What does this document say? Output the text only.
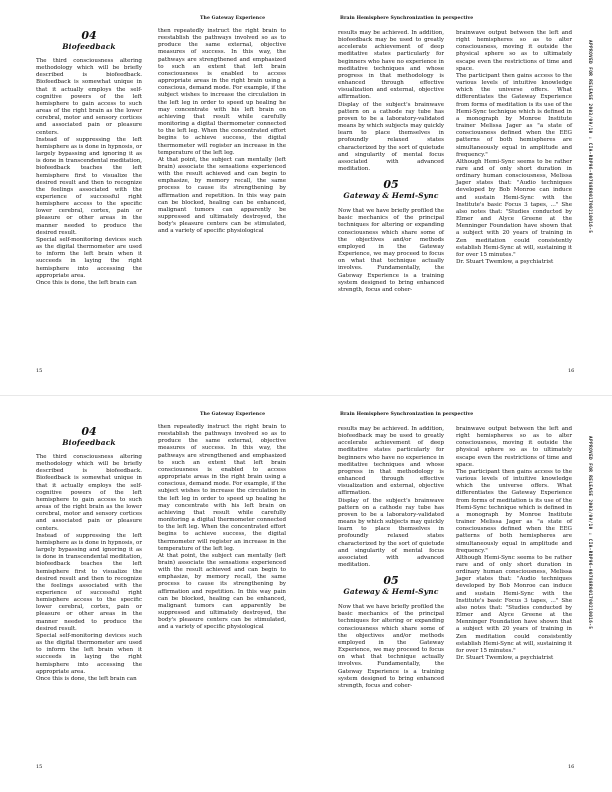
The Gateway Experience	Brain Hemisphere Synchronization in perspective
04
Biofeedback

The third consciousness altering methodology which will be briefly described is biofeedback. Biofeedback is somewhat unique in that it actually employs the self-cognitive powers of the left hemisphere to gain access to such areas of the right brain as the lower cerebral, motor and sensory cortices and associated pain or pleasure centers.

Instead of suppressing the left hemisphere as is done in hypnosis, or largely bypassing and ignoring it as is done in transcendental meditation, biofeedback teaches the left hemisphere first to visualize the desired result and then to recognize the feelings associated with the experience of successful right hemisphere access to the specific lower cerebral, cortex, pain or pleasure or other areas in the manner needed to produce the desired result.

Special self-monitoring devices such as the digital thermometer are used to inform the left brain when it succeeds in laying the right hemisphere into accessing the appropriate area.

Once this is done, the left brain can

then repeatedly instruct the right brain to reestablish the pathways involved so as to produce the same external, objective measures of success. In this way, the pathways are strengthened and emphasized to such an extent that left brain consciousness is enabled to access appropriate areas in the right brain using a conscious, demand mode. For example, if the subject wishes to increase the circulation in the left leg in order to speed up healing he may concentrate with his left brain on achieving that result while carefully monitoring a digital thermometer connected to the left leg. When the concentrated effort begins to achieve success, the digital thermometer will register an increase in the temperature of the left leg.

At that point, the subject can mentally (left brain) associate the sensations experienced with the result achieved and can begin to emphasize, by memory recall, the same process to cause its strengthening by affirmation and repetition. In this way pain can be blocked, healing can be enhanced, malignant tumors can apparently be suppressed and ultimately destroyed, the body's pleasure centers can be stimulated, and a variety of specific physiological

results may be achieved. In addition, biofeedback may be used to greatly accelerate achievement of deep meditative states particularly for beginners who have no experience in meditative techniques and whose progress in that methodology is enhanced through effective visualization and external, objective affirmation.

Display of the subject's brainwave pattern on a cathode ray tube has proven to be a laboratory-validated means by which subjects may quickly learn to place themselves in profoundly relaxed states characterized by the sort of quietude and singularity of mental focus associated with advanced meditation.

05
Gateway & Hemi-Sync

Now that we have briefly profiled the basic mechanics of the principal techniques for altering or expanding consciousness which share some of the objectives and/or methods employed in the Gateway Experience, we may proceed to focus on what that technique actually involves. Fundamentally, the Gateway Experience is a training system designed to bring enhanced strength, focus and coher-

brainwave output between the left and right hemispheres so as to alter consciousness, moving it outside the physical sphere so as to ultimately escape even the restrictions of time and space.

The participant then gains access to the various levels of intuitive knowledge which the universe offers. What differentiates the Gateway Experience from forms of meditation is its use of the Hemi-Sync technique which is defined in a monograph by Monroe Institute trainer Melissa Jager as "a state of consciousness defined when the EEG patterns of both hemispheres are simultaneously equal in amplitude and frequency."

Although Hemi-Sync seems to be rather rare and of only short duration in ordinary human consciousness, Melissa Jager states that: "Audio techniques developed by Bob Monroe can induce and sustain Hemi-Sync with the Institute's basic Focus 3 tapes, ..." She also notes that: "Studies conducted by Elmer and Alyce Greene at the Menninger Foundation have shown that a subject with 20 years of training in Zen meditation could consistently establish Hemi-Sync at will, sustaining it for over 15 minutes."

Dr. Stuart Twemlow, a psychiatrist

APPROVED FOR RELEASE 2003/09/10 : CIA-RDP96-00788R001700210016-5
15	16
The Gateway Experience	Brain Hemisphere Synchronization in perspective
04
Biofeedback

The third consciousness altering methodology which will be briefly described is biofeedback. Biofeedback is somewhat unique in that it actually employs the self-cognitive powers of the left hemisphere to gain access to such areas of the right brain as the lower cerebral, motor and sensory cortices and associated pain or pleasure centers.

Instead of suppressing the left hemisphere as is done in hypnosis, or largely bypassing and ignoring it as is done in transcendental meditation, biofeedback teaches the left hemisphere first to visualize the desired result and then to recognize the feelings associated with the experience of successful right hemisphere access to the specific lower cerebral, cortex, pain or pleasure or other areas in the manner needed to produce the desired result.

Special self-monitoring devices such as the digital thermometer are used to inform the left brain when it succeeds in laying the right hemisphere into accessing the appropriate area.

Once this is done, the left brain can

then repeatedly instruct the right brain to reestablish the pathways involved so as to produce the same external, objective measures of success. In this way, the pathways are strengthened and emphasized to such an extent that left brain consciousness is enabled to access appropriate areas in the right brain using a conscious, demand mode. For example, if the subject wishes to increase the circulation in the left leg in order to speed up healing he may concentrate with his left brain on achieving that result while carefully monitoring a digital thermometer connected to the left leg. When the concentrated effort begins to achieve success, the digital thermometer will register an increase in the temperature of the left leg.

At that point, the subject can mentally (left brain) associate the sensations experienced with the result achieved and can begin to emphasize, by memory recall, the same process to cause its strengthening by affirmation and repetition. In this way pain can be blocked, healing can be enhanced, malignant tumors can apparently be suppressed and ultimately destroyed, the body's pleasure centers can be stimulated, and a variety of specific physiological

results may be achieved. In addition, biofeedback may be used to greatly accelerate achievement of deep meditative states particularly for beginners who have no experience in meditative techniques and whose progress in that methodology is enhanced through effective visualization and external, objective affirmation.

Display of the subject's brainwave pattern on a cathode ray tube has proven to be a laboratory-validated means by which subjects may quickly learn to place themselves in profoundly relaxed states characterized by the sort of quietude and singularity of mental focus associated with advanced meditation.

05
Gateway & Hemi-Sync

Now that we have briefly profiled the basic mechanics of the principal techniques for altering or expanding consciousness which share some of the objectives and/or methods employed in the Gateway Experience, we may proceed to focus on what that technique actually involves. Fundamentally, the Gateway Experience is a training system designed to bring enhanced strength, focus and coher-

brainwave output between the left and right hemispheres so as to alter consciousness, moving it outside the physical sphere so as to ultimately escape even the restrictions of time and space.

The participant then gains access to the various levels of intuitive knowledge which the universe offers. What differentiates the Gateway Experience from forms of meditation is its use of the Hemi-Sync technique which is defined in a monograph by Monroe Institute trainer Melissa Jager as "a state of consciousness defined when the EEG patterns of both hemispheres are simultaneously equal in amplitude and frequency."

Although Hemi-Sync seems to be rather rare and of only short duration in ordinary human consciousness, Melissa Jager states that: "Audio techniques developed by Bob Monroe can induce and sustain Hemi-Sync with the Institute's basic Focus 3 tapes, ..." She also notes that: "Studies conducted by Elmer and Alyce Greene at the Menninger Foundation have shown that a subject with 20 years of training in Zen meditation could consistently establish Hemi-Sync at will, sustaining it for over 15 minutes."

Dr. Stuart Twemlow, a psychiatrist

APPROVED FOR RELEASE 2003/09/10 : CIA-RDP96-00788R001700210016-5
15	16
